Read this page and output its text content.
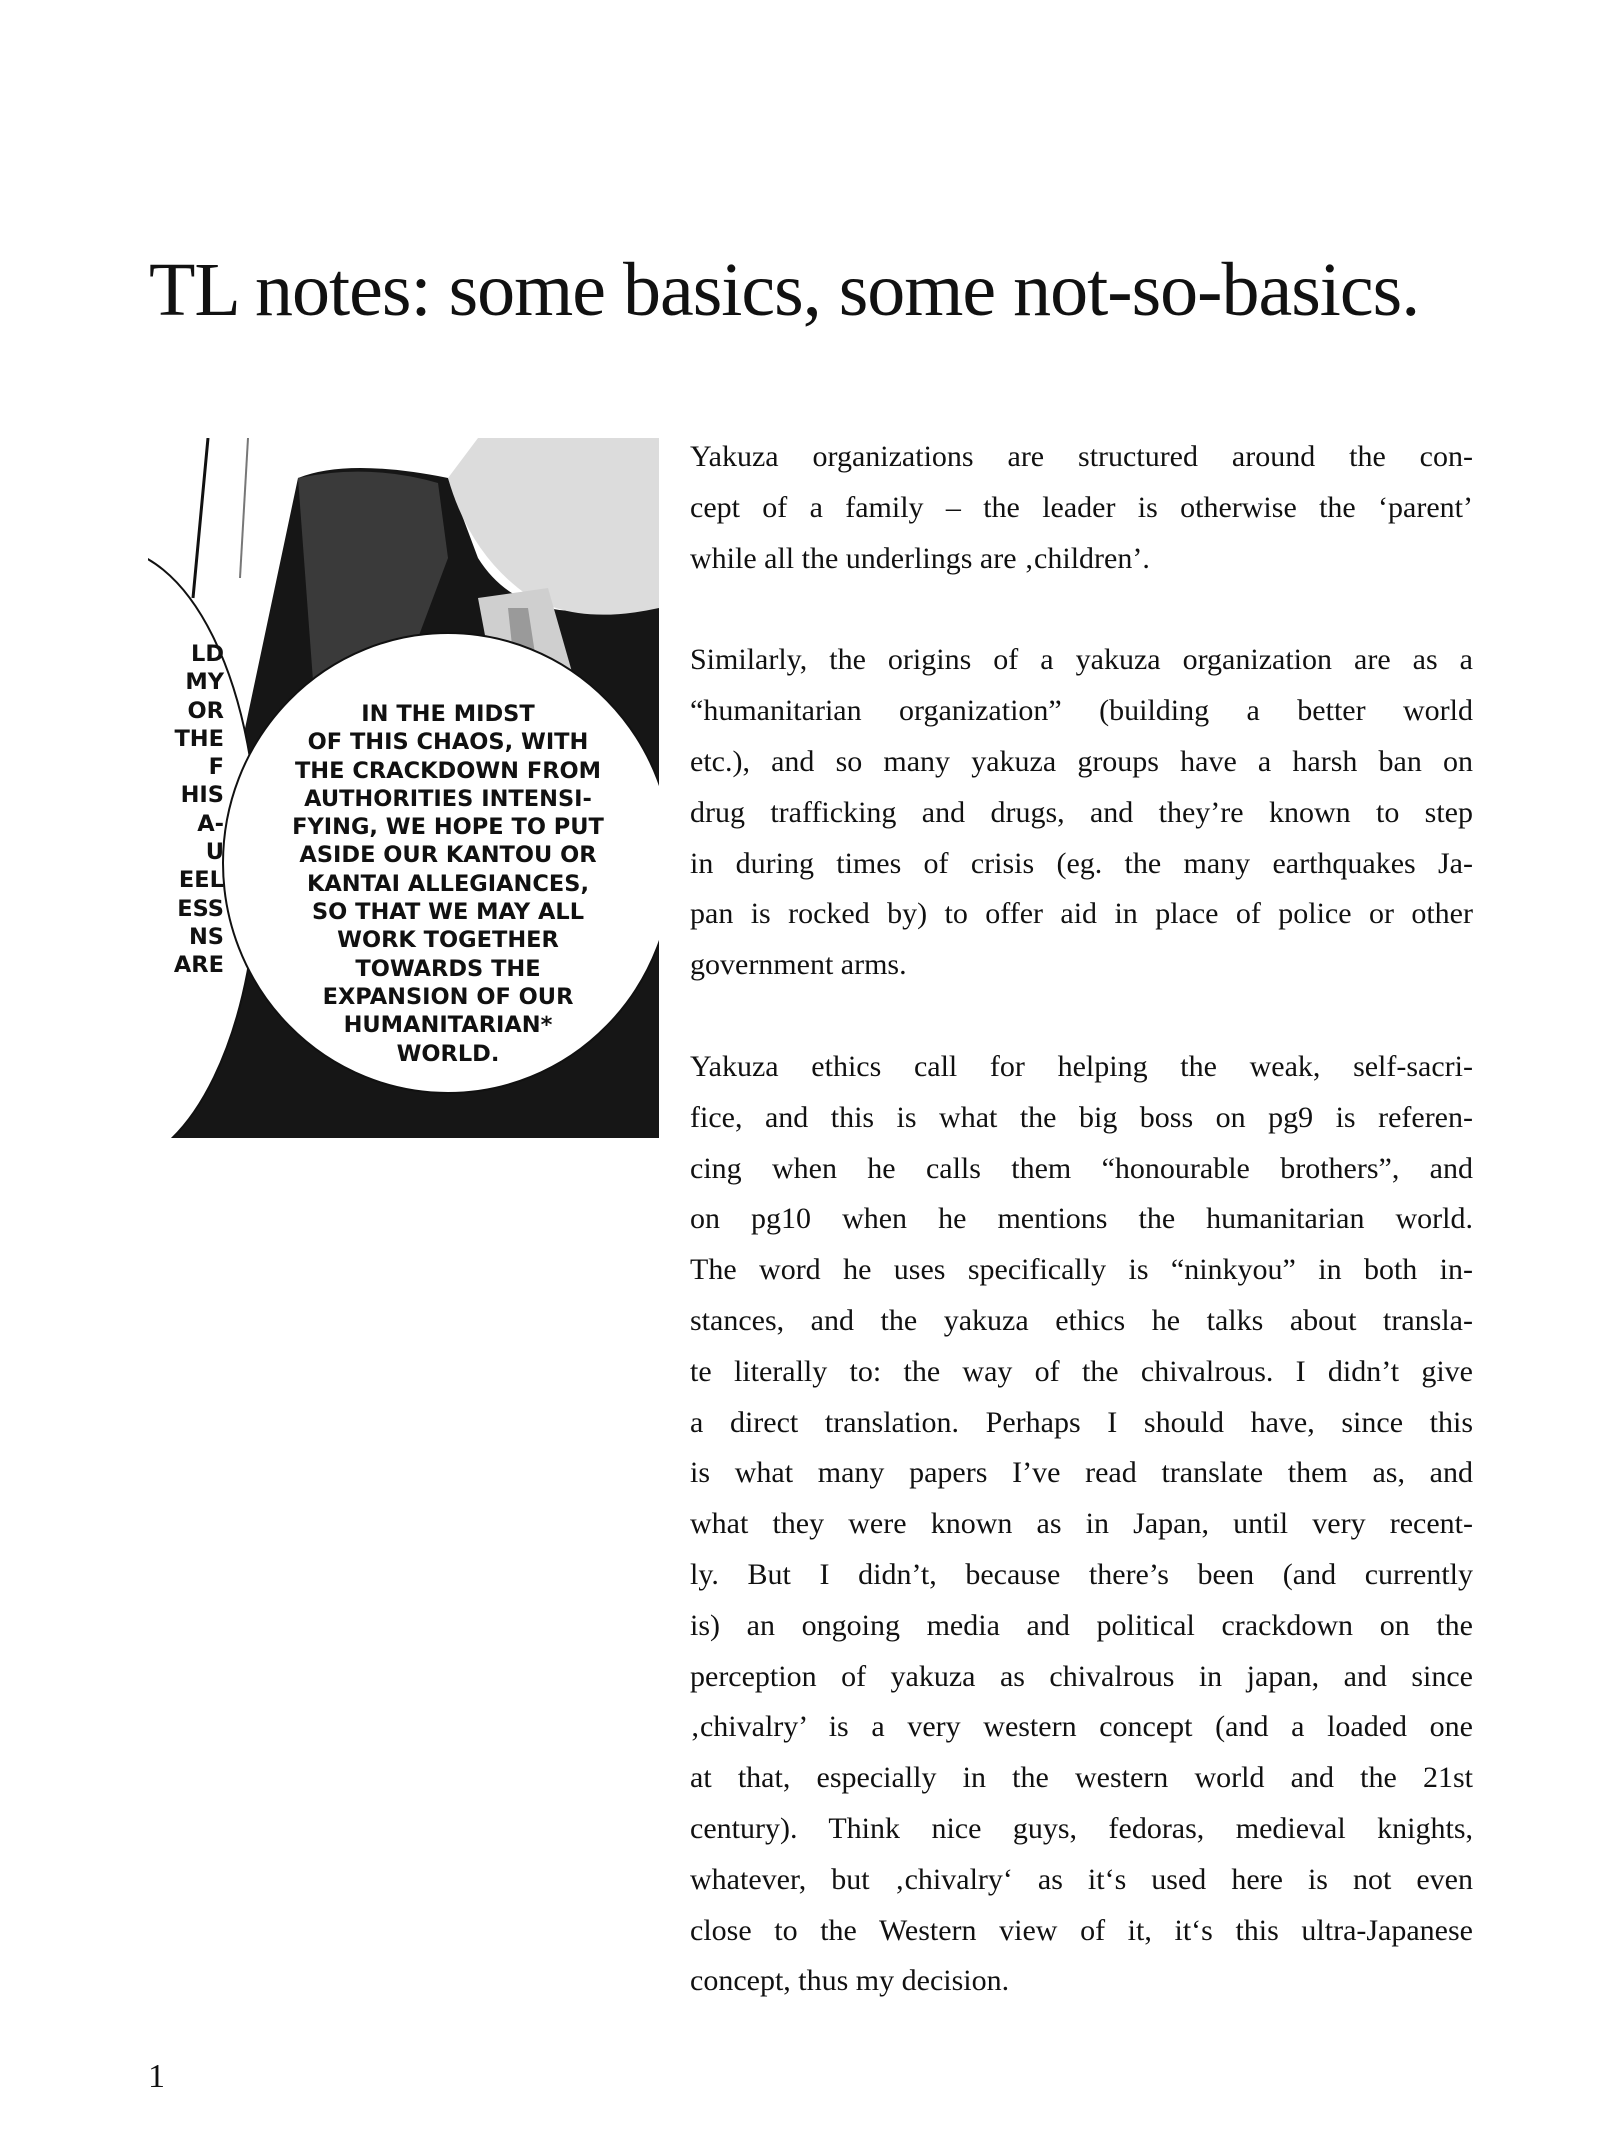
TL notes: some basics, some not-so-basics.
LD
MY
OR
THE
F
HIS
A-
U
EEL
ESS
NS
ARE
IN THE MIDST
OF THIS CHAOS, WITH
THE CRACKDOWN FROM
AUTHORITIES INTENSI-
FYING, WE HOPE TO PUT
ASIDE OUR KANTOU OR
KANTAI ALLEGIANCES,
SO THAT WE MAY ALL
WORK TOGETHER
TOWARDS THE
EXPANSION OF OUR
HUMANITARIAN*
WORLD.
Yakuza organizations are structured around the con-
cept of a family – the leader is otherwise the ‘parent’
while all the underlings are ‚children’.
Similarly, the origins of a yakuza organization are as a
“humanitarian organization” (building a better world
etc.), and so many yakuza groups have a harsh ban on
drug trafficking and drugs, and they’re known to step
in during times of crisis (eg. the many earthquakes Ja-
pan is rocked by) to offer aid in place of police or other
government arms.
Yakuza ethics call for helping the weak, self-sacri-
fice, and this is what the big boss on pg9 is referen-
cing when he calls them “honourable brothers”, and
on pg10 when he mentions the humanitarian world.
The word he uses specifically is “ninkyou” in both in-
stances, and the yakuza ethics he talks about transla-
te literally to: the way of the chivalrous. I didn’t give
a direct translation. Perhaps I should have, since this
is what many papers I’ve read translate them as, and
what they were known as in Japan, until very recent-
ly. But I didn’t, because there’s been (and currently
is) an ongoing media and political crackdown on the
perception of yakuza as chivalrous in japan, and since
‚chivalry’ is a very western concept (and a loaded one
at that, especially in the western world and the 21st
century). Think nice guys, fedoras, medieval knights,
whatever, but ‚chivalry‘ as it‘s used here is not even
close to the Western view of it, it‘s this ultra-Japanese
concept, thus my decision.
1
